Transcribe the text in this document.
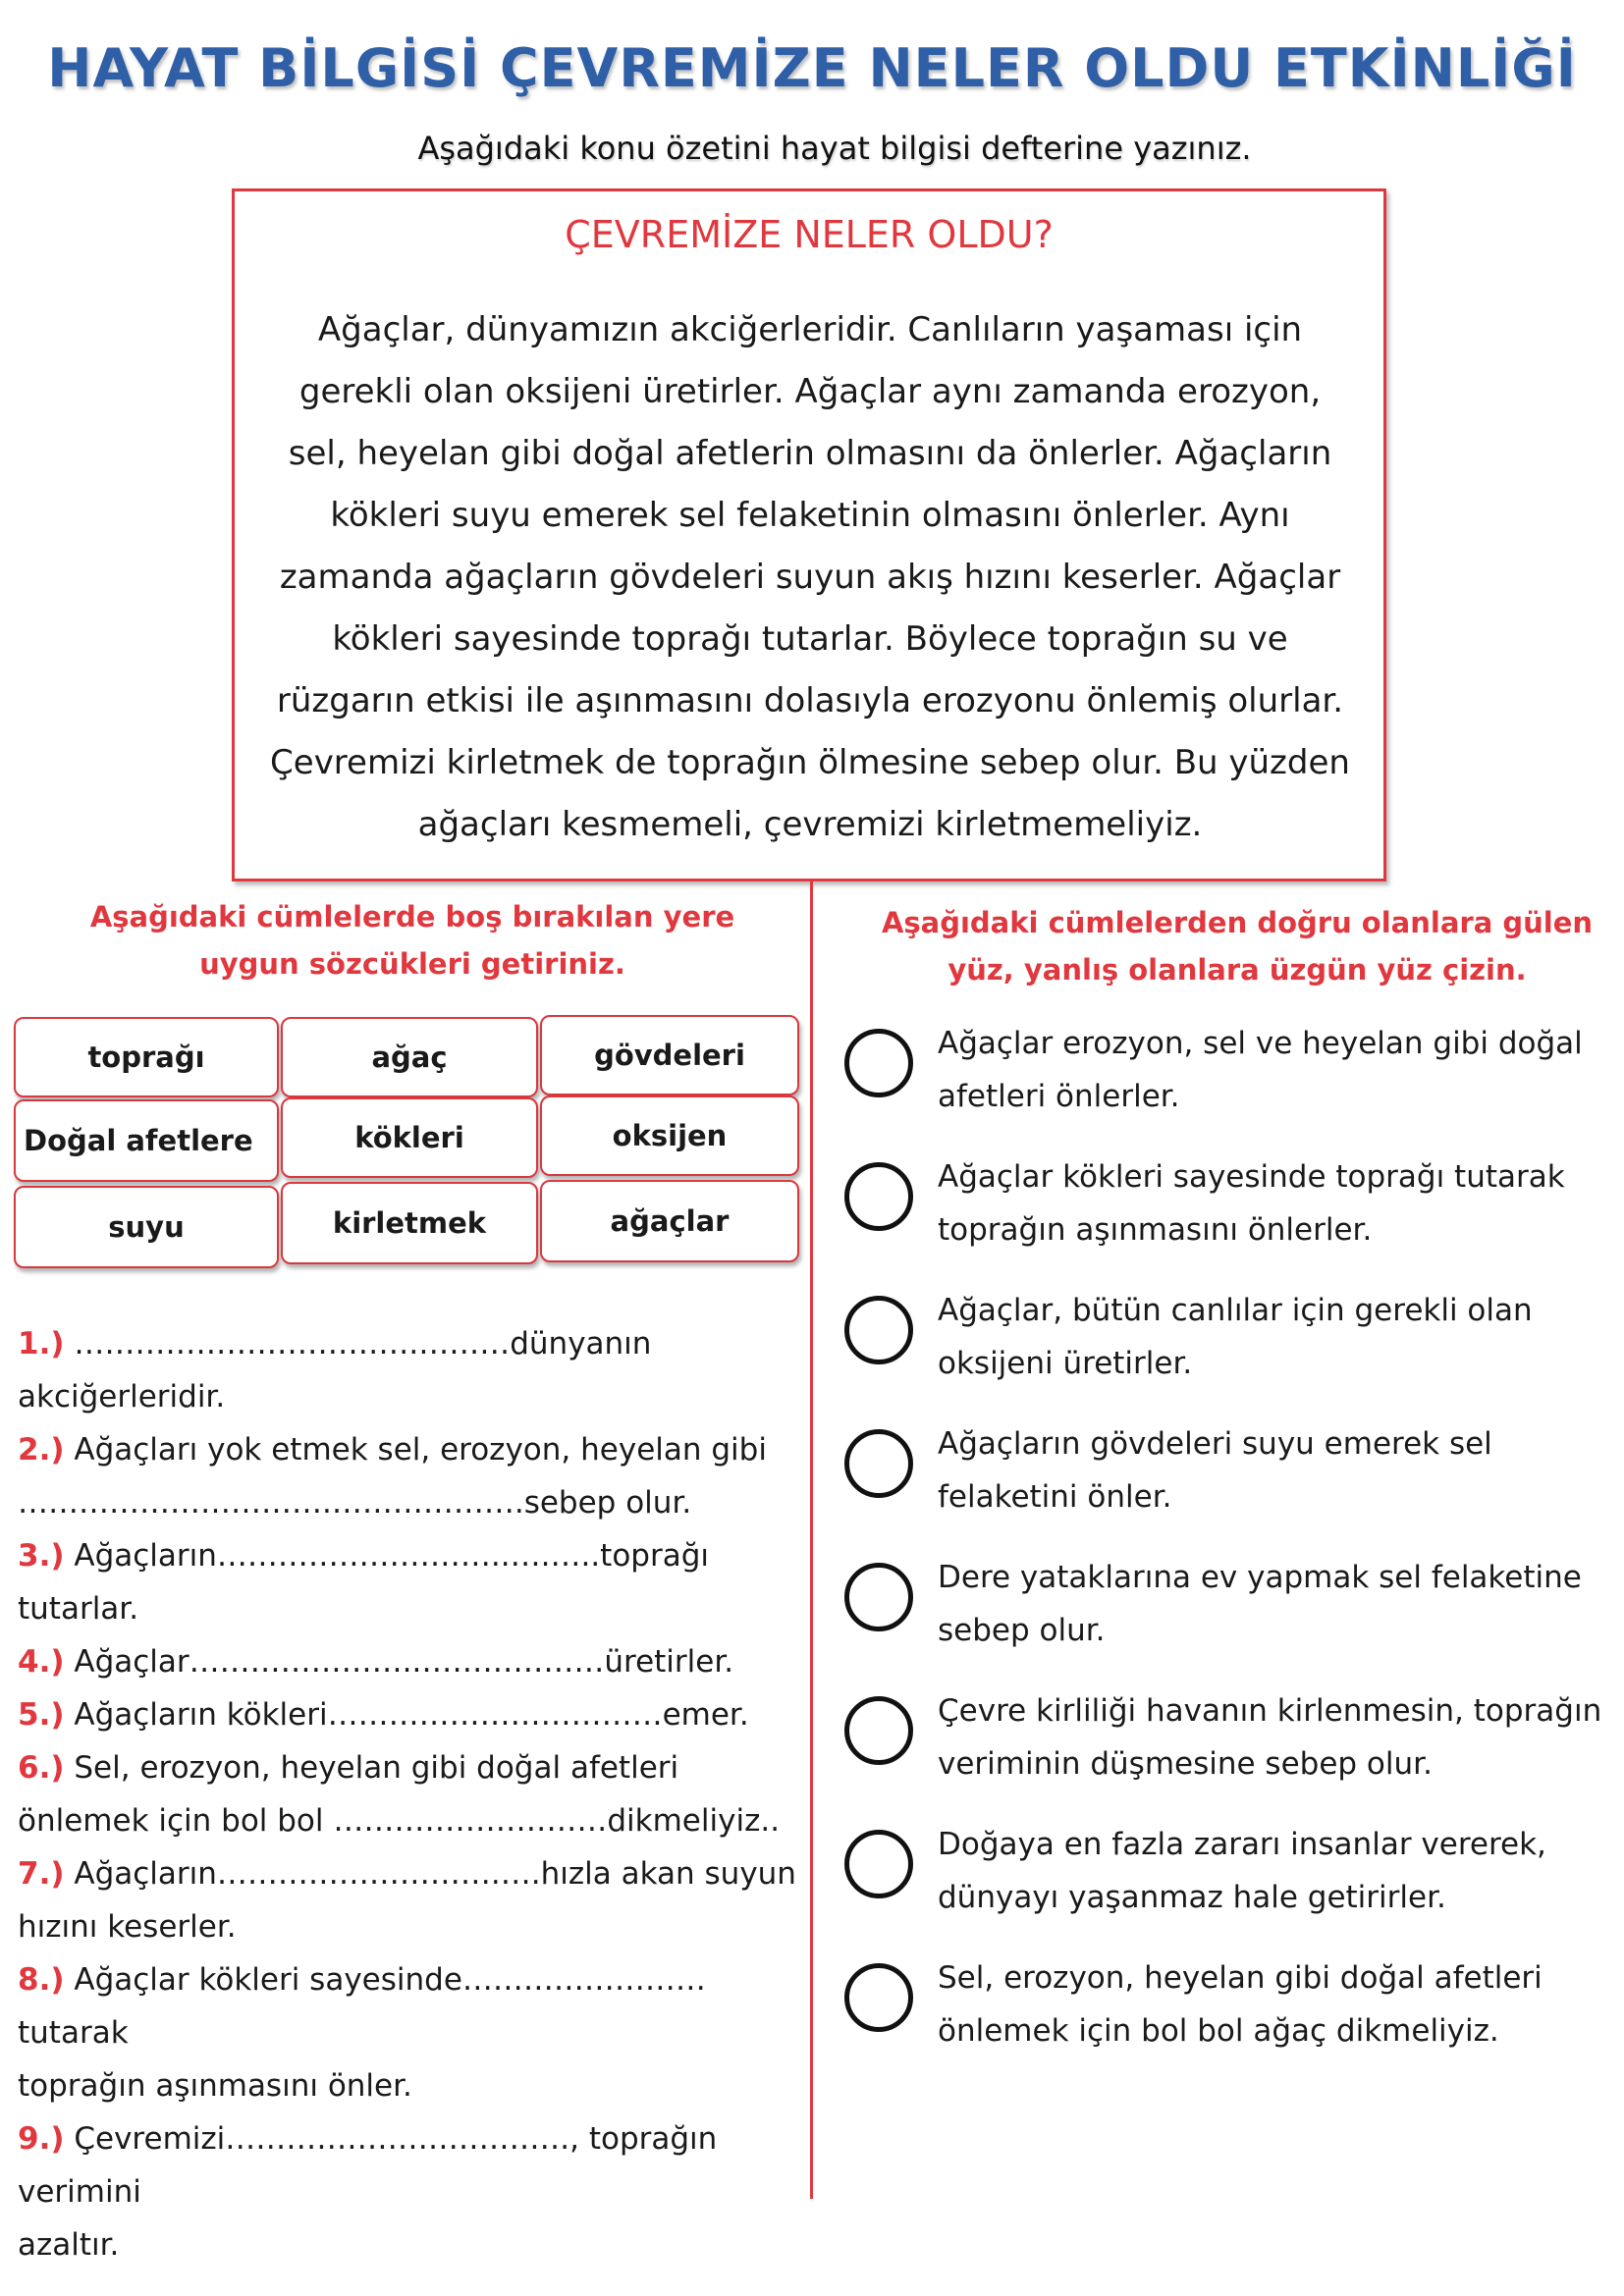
HAYAT BİLGİSİ ÇEVREMİZE NELER OLDU ETKİNLİĞİ
Aşağıdaki konu özetini hayat bilgisi defterine yazınız.
ÇEVREMİZE NELER OLDU?
Ağaçlar, dünyamızın akciğerleridir. Canlıların yaşaması için
gerekli olan oksijeni üretirler. Ağaçlar aynı zamanda erozyon,
sel, heyelan gibi doğal afetlerin olmasını da önlerler. Ağaçların
kökleri suyu emerek sel felaketinin olmasını önlerler. Aynı
zamanda ağaçların gövdeleri suyun akış hızını keserler. Ağaçlar
kökleri sayesinde toprağı tutarlar. Böylece toprağın su ve
rüzgarın etkisi ile aşınmasını dolasıyla erozyonu önlemiş olurlar.
Çevremizi kirletmek de toprağın ölmesine sebep olur. Bu yüzden
ağaçları kesmemeli, çevremizi kirletmemeliyiz.
Aşağıdaki cümlelerde boş bırakılan yere
uygun sözcükleri getiriniz.
toprağı	ağaç	gövdeleri
Doğal afetlere	kökleri	oksijen
suyu	kirletmek	ağaçlar
1.) …………………………….………dünyanın akciğerleridir.
2.) Ağaçları yok etmek sel, erozyon, heyelan gibi
………………………….……………….sebep olur.
3.) Ağaçların………………………..….…..toprağı tutarlar.
4.) Ağaçlar…………………..………………üretirler.
5.) Ağaçların kökleri……………………………emer.
6.) Sel, erozyon, heyelan gibi doğal afetleri
önlemek için bol bol ………………………dikmeliyiz..
7.) Ağaçların……………………….….hızla akan suyun
hızını keserler.
8.) Ağaçlar kökleri sayesinde……………………tutarak
toprağın aşınmasını önler.
9.) Çevremizi……………………………., toprağın verimini
azaltır.
Aşağıdaki cümlelerden doğru olanlara gülen
yüz, yanlış olanlara üzgün yüz çizin.
Ağaçlar erozyon, sel ve heyelan gibi doğal
afetleri önlerler.
Ağaçlar kökleri sayesinde toprağı tutarak
toprağın aşınmasını önlerler.
Ağaçlar, bütün canlılar için gerekli olan
oksijeni üretirler.
Ağaçların gövdeleri suyu emerek sel
felaketini önler.
Dere yataklarına ev yapmak sel felaketine
sebep olur.
Çevre kirliliği havanın kirlenmesin, toprağın
veriminin düşmesine sebep olur.
Doğaya en fazla zararı insanlar vererek,
dünyayı yaşanmaz hale getirirler.
Sel, erozyon, heyelan gibi doğal afetleri
önlemek için bol bol ağaç dikmeliyiz.
